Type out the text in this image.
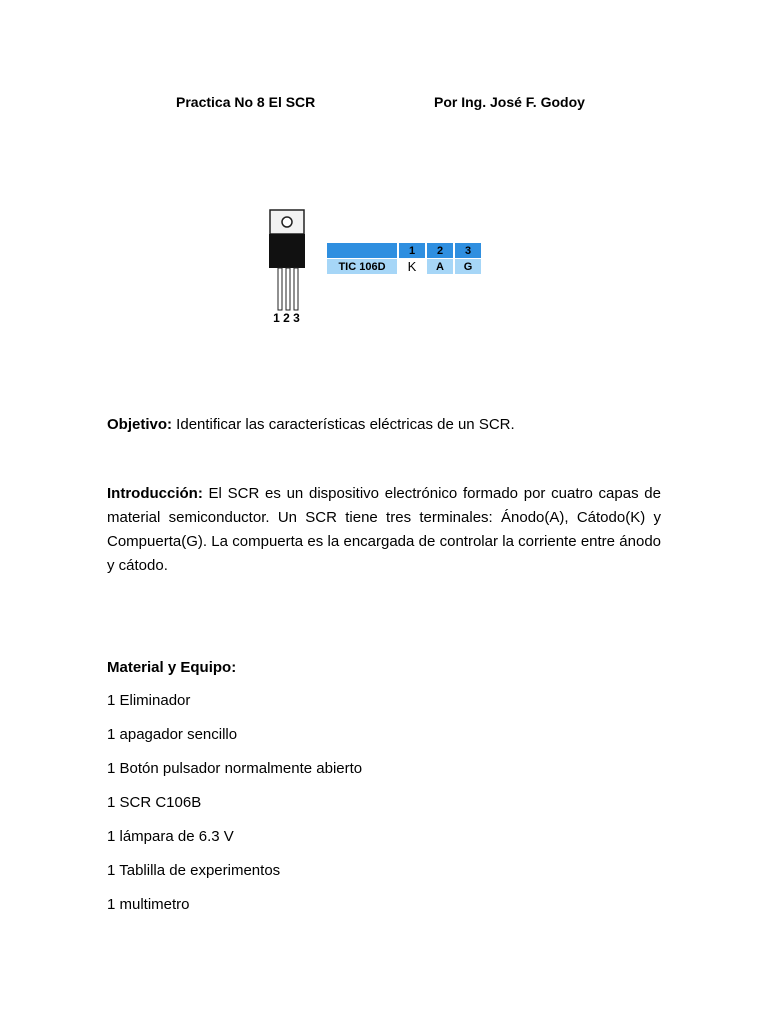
Practica No 8 El SCR	Por Ing. José F. Godoy
1 2 3
	1	2	3
TIC 106D	K	A	G
Objetivo: Identificar las características eléctricas de un SCR.
Introducción: El SCR es un dispositivo electrónico formado por cuatro capas de material semiconductor. Un SCR tiene tres terminales: Ánodo(A), Cátodo(K) y Compuerta(G). La compuerta es la encargada de controlar la corriente entre ánodo y cátodo.
Material y Equipo:
1 Eliminador
1 apagador sencillo
1 Botón pulsador normalmente abierto
1 SCR C106B
1 lámpara de 6.3 V
1 Tablilla de experimentos
1 multimetro
